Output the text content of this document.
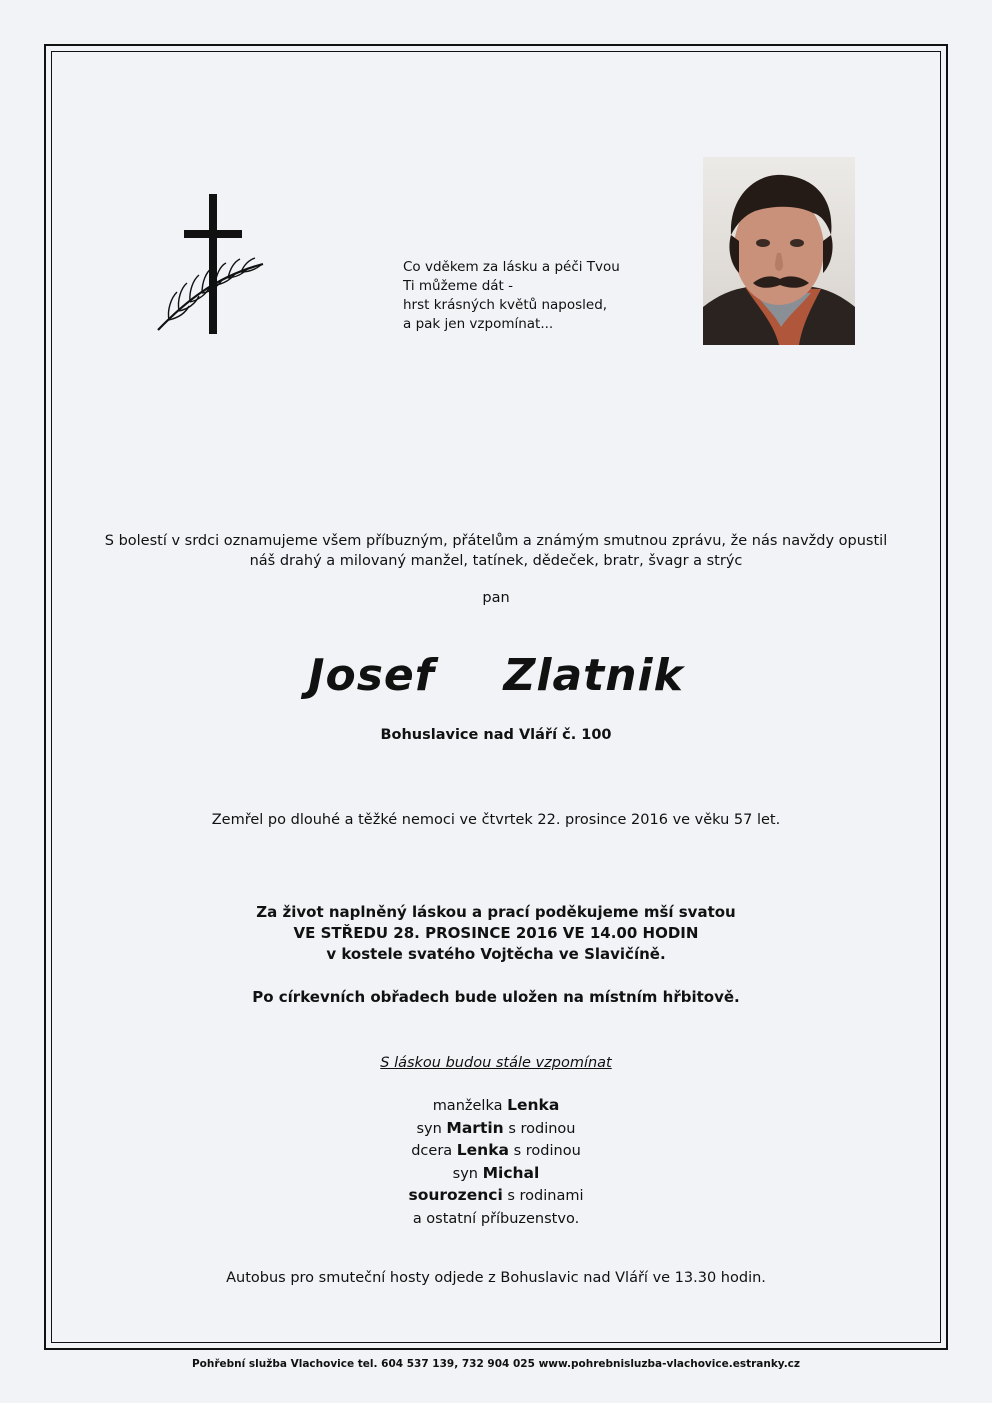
Co vděkem za lásku a péči Tvou
Ti můžeme dát -
hrst krásných květů naposled,
a pak jen vzpomínat...
S bolestí v srdci oznamujeme všem příbuzným, přátelům a známým smutnou zprávu, že nás navždy opustil
náš drahý a milovaný manžel, tatínek, dědeček, bratr, švagr a strýc
pan
Josef  Zlatnik
Bohuslavice nad Vláří č. 100
Zemřel po dlouhé a těžké nemoci ve čtvrtek 22. prosince 2016 ve věku 57 let.
Za život naplněný láskou a prací poděkujeme mší svatou
VE STŘEDU 28. PROSINCE 2016 VE 14.00 HODIN
v kostele svatého Vojtěcha ve Slavičíně.
Po církevních obřadech bude uložen na místním hřbitově.
S láskou budou stále vzpomínat
manželka Lenka
syn Martin s rodinou
dcera Lenka s rodinou
syn Michal
sourozenci s rodinami
a ostatní příbuzenstvo.
Autobus pro smuteční hosty odjede z Bohuslavic nad Vláří ve 13.30 hodin.
Pohřební služba Vlachovice tel. 604 537 139, 732 904 025 www.pohrebnisluzba-vlachovice.estranky.cz
